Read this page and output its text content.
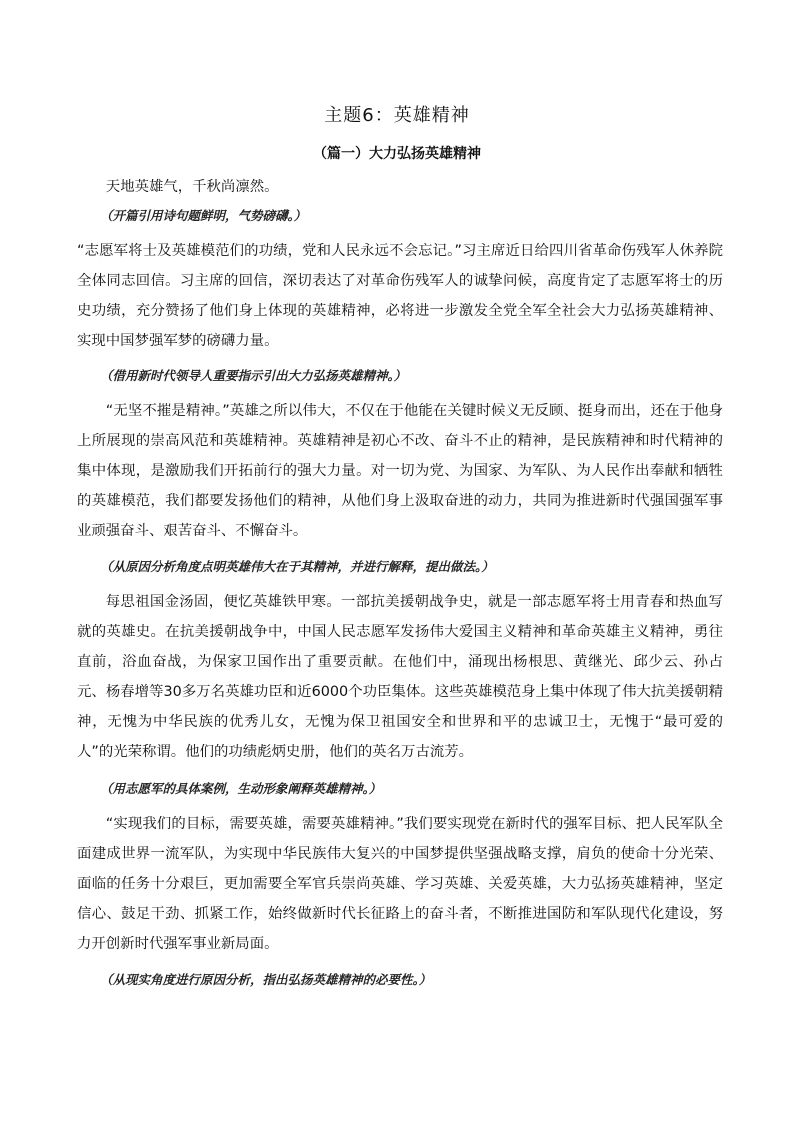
主题6：英雄精神
（篇一）大力弘扬英雄精神

天地英雄气，千秋尚凛然。

（开篇引用诗句题鲜明，气势磅礴。）

“志愿军将士及英雄模范们的功绩，党和人民永远不会忘记。”习主席近日给四川省革命伤残军人休养院全体同志回信。习主席的回信，深切表达了对革命伤残军人的诚挚问候，高度肯定了志愿军将士的历史功绩，充分赞扬了他们身上体现的英雄精神，必将进一步激发全党全军全社会大力弘扬英雄精神、实现中国梦强军梦的磅礴力量。

（借用新时代领导人重要指示引出大力弘扬英雄精神。）

“无坚不摧是精神。”英雄之所以伟大，不仅在于他能在关键时候义无反顾、挺身而出，还在于他身上所展现的崇高风范和英雄精神。英雄精神是初心不改、奋斗不止的精神，是民族精神和时代精神的集中体现，是激励我们开拓前行的强大力量。对一切为党、为国家、为军队、为人民作出奉献和牺牲的英雄模范，我们都要发扬他们的精神，从他们身上汲取奋进的动力，共同为推进新时代强国强军事业顽强奋斗、艰苦奋斗、不懈奋斗。

（从原因分析角度点明英雄伟大在于其精神，并进行解释，提出做法。）

每思祖国金汤固，便忆英雄铁甲寒。一部抗美援朝战争史，就是一部志愿军将士用青春和热血写就的英雄史。在抗美援朝战争中，中国人民志愿军发扬伟大爱国主义精神和革命英雄主义精神，勇往直前，浴血奋战，为保家卫国作出了重要贡献。在他们中，涌现出杨根思、黄继光、邱少云、孙占元、杨春增等30多万名英雄功臣和近6000个功臣集体。这些英雄模范身上集中体现了伟大抗美援朝精神，无愧为中华民族的优秀儿女，无愧为保卫祖国安全和世界和平的忠诚卫士，无愧于“最可爱的人”的光荣称谓。他们的功绩彪炳史册，他们的英名万古流芳。

（用志愿军的具体案例，生动形象阐释英雄精神。）

“实现我们的目标，需要英雄，需要英雄精神。”我们要实现党在新时代的强军目标、把人民军队全面建成世界一流军队，为实现中华民族伟大复兴的中国梦提供坚强战略支撑，肩负的使命十分光荣、面临的任务十分艰巨，更加需要全军官兵崇尚英雄、学习英雄、关爱英雄，大力弘扬英雄精神，坚定信心、鼓足干劲、抓紧工作，始终做新时代长征路上的奋斗者，不断推进国防和军队现代化建设，努力开创新时代强军事业新局面。

（从现实角度进行原因分析，指出弘扬英雄精神的必要性。）
